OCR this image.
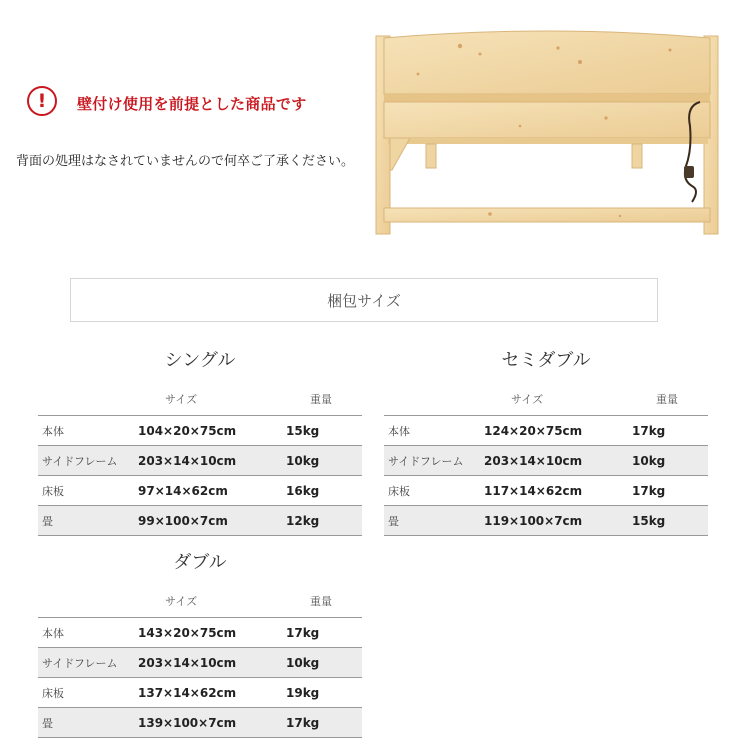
! 壁付け使用を前提とした商品です
背面の処理はなされていませんので何卒ご了承ください。
梱包サイズ
シングル
サイズ	重量
本体	104×20×75cm	15kg
サイドフレーム	203×14×10cm	10kg
床板	97×14×62cm	16kg
畳	99×100×7cm	12kg
セミダブル
サイズ	重量
本体	124×20×75cm	17kg
サイドフレーム	203×14×10cm	10kg
床板	117×14×62cm	17kg
畳	119×100×7cm	15kg
ダブル
サイズ	重量
本体	143×20×75cm	17kg
サイドフレーム	203×14×10cm	10kg
床板	137×14×62cm	19kg
畳	139×100×7cm	17kg
